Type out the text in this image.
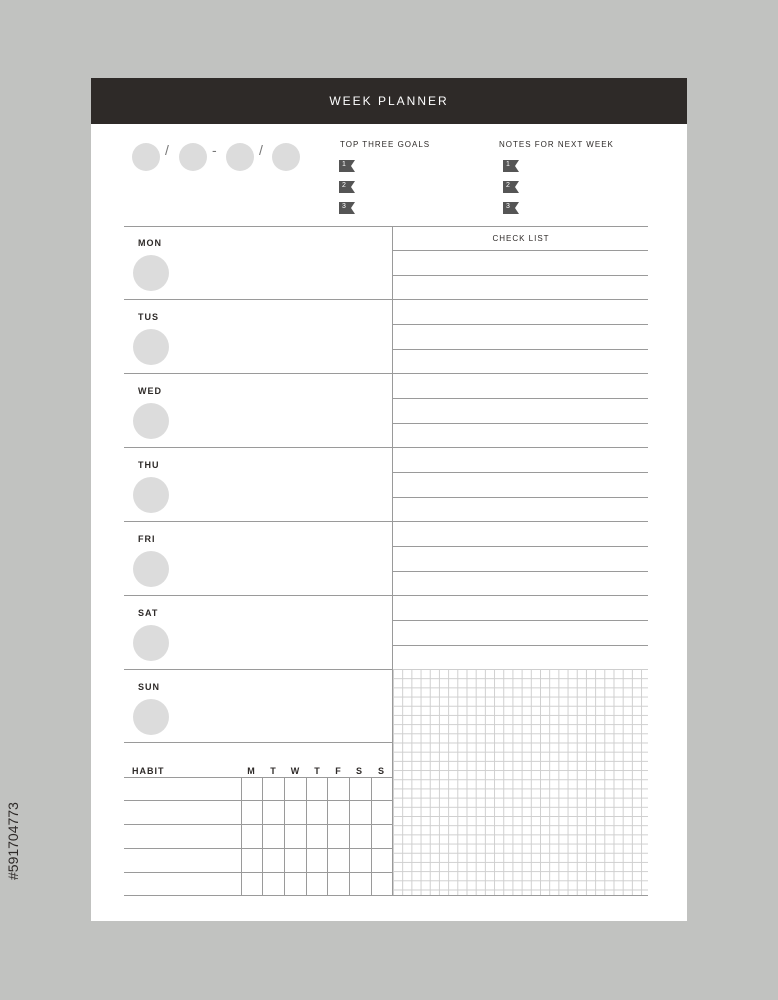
#591704773
WEEK PLANNER
/	-	/	TOP THREE GOALS
1
2
3
NOTES FOR NEXT WEEK
1
2
3
CHECK LIST
MON
TUS
WED
THU
FRI
SAT
SUN
HABIT	M	T	W	T	F	S	S
